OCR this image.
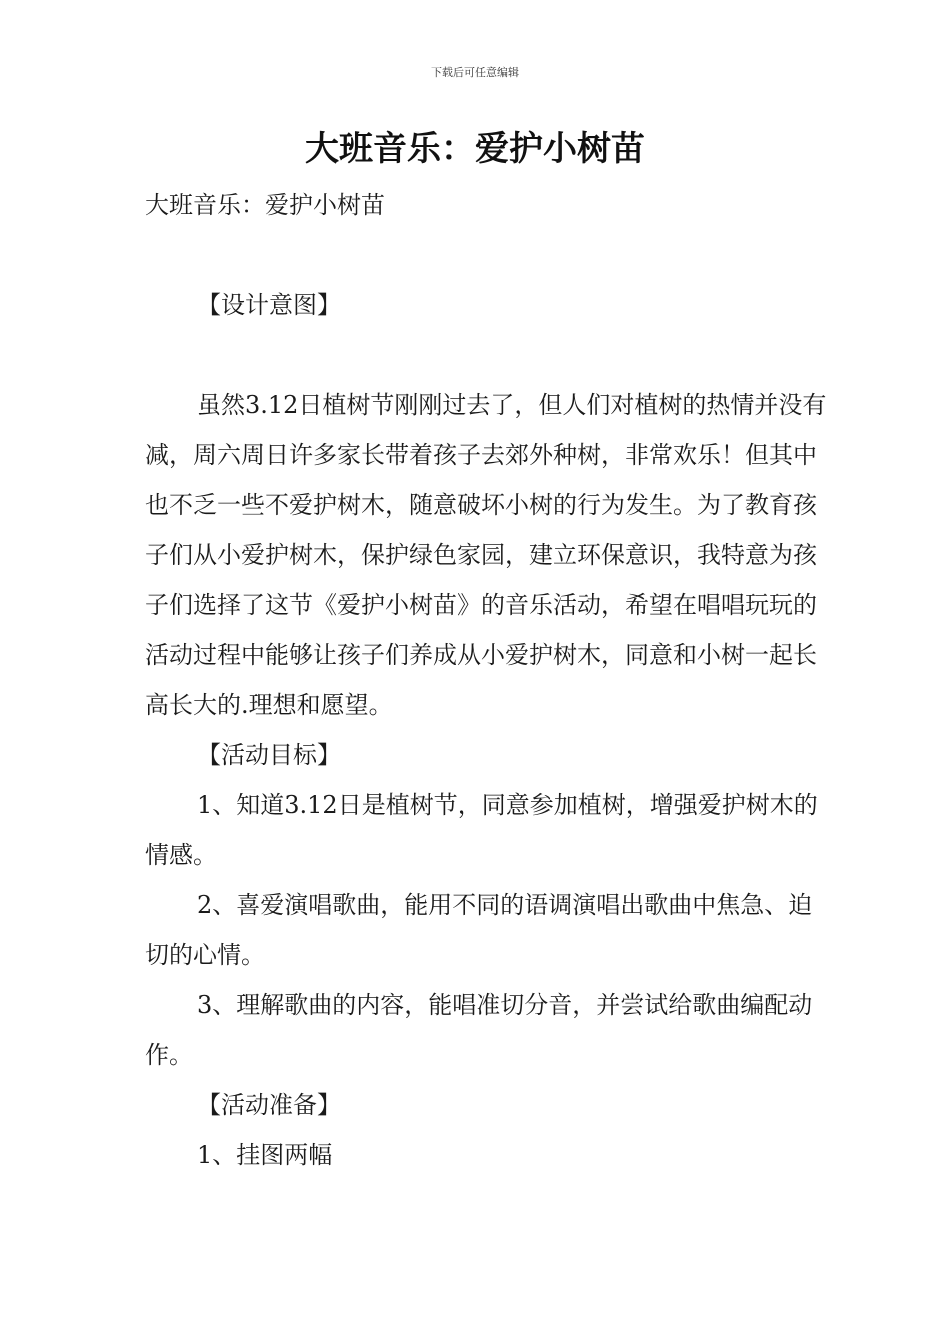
下载后可任意编辑
大班音乐：爱护小树苗

大班音乐：爱护小树苗

【设计意图】

虽然3.12日植树节刚刚过去了，但人们对植树的热情并没有减，周六周日许多家长带着孩子去郊外种树，非常欢乐！但其中也不乏一些不爱护树木，随意破坏小树的行为发生。为了教育孩子们从小爱护树木，保护绿色家园，建立环保意识，我特意为孩子们选择了这节《爱护小树苗》的音乐活动，希望在唱唱玩玩的活动过程中能够让孩子们养成从小爱护树木，同意和小树一起长高长大的.理想和愿望。

【活动目标】

1、知道3.12日是植树节，同意参加植树，增强爱护树木的情感。

2、喜爱演唱歌曲，能用不同的语调演唱出歌曲中焦急、迫切的心情。

3、理解歌曲的内容，能唱准切分音，并尝试给歌曲编配动作。

【活动准备】

1、挂图两幅
